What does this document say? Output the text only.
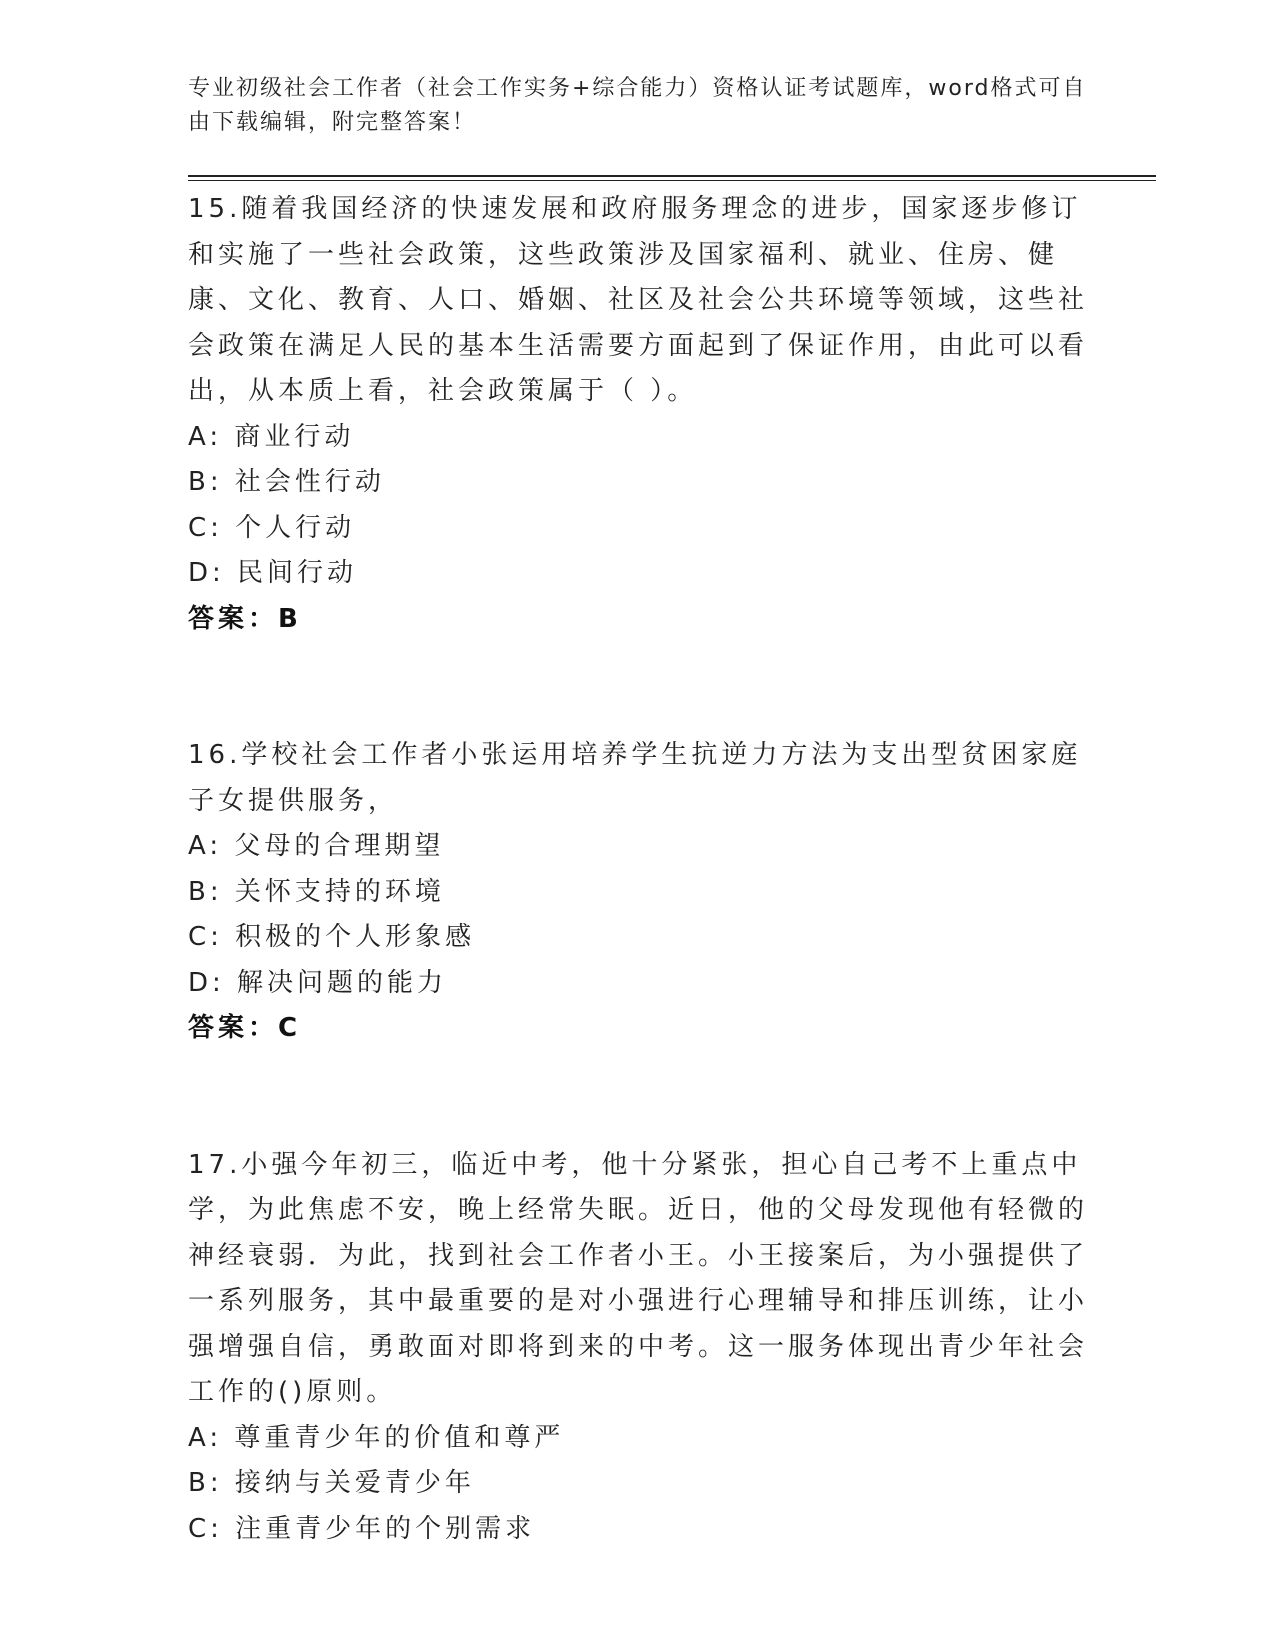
专业初级社会工作者（社会工作实务+综合能力）资格认证考试题库，word格式可自由下载编辑，附完整答案！

15.随着我国经济的快速发展和政府服务理念的进步，国家逐步修订和实施了一些社会政策，这些政策涉及国家福利、就业、住房、健康、文化、教育、人口、婚姻、社区及社会公共环境等领域，这些社会政策在满足人民的基本生活需要方面起到了保证作用，由此可以看出，从本质上看，社会政策属于（ ）。

A: 商业行动

B: 社会性行动

C: 个人行动

D: 民间行动

答案：B

16.学校社会工作者小张运用培养学生抗逆力方法为支出型贫困家庭子女提供服务，

A: 父母的合理期望

B: 关怀支持的环境

C: 积极的个人形象感

D: 解决问题的能力

答案：C

17.小强今年初三，临近中考，他十分紧张，担心自己考不上重点中学，为此焦虑不安，晚上经常失眠。近日，他的父母发现他有轻微的神经衰弱．为此，找到社会工作者小王。小王接案后，为小强提供了一系列服务，其中最重要的是对小强进行心理辅导和排压训练，让小强增强自信，勇敢面对即将到来的中考。这一服务体现出青少年社会工作的()原则。

A: 尊重青少年的价值和尊严

B: 接纳与关爱青少年

C: 注重青少年的个别需求
